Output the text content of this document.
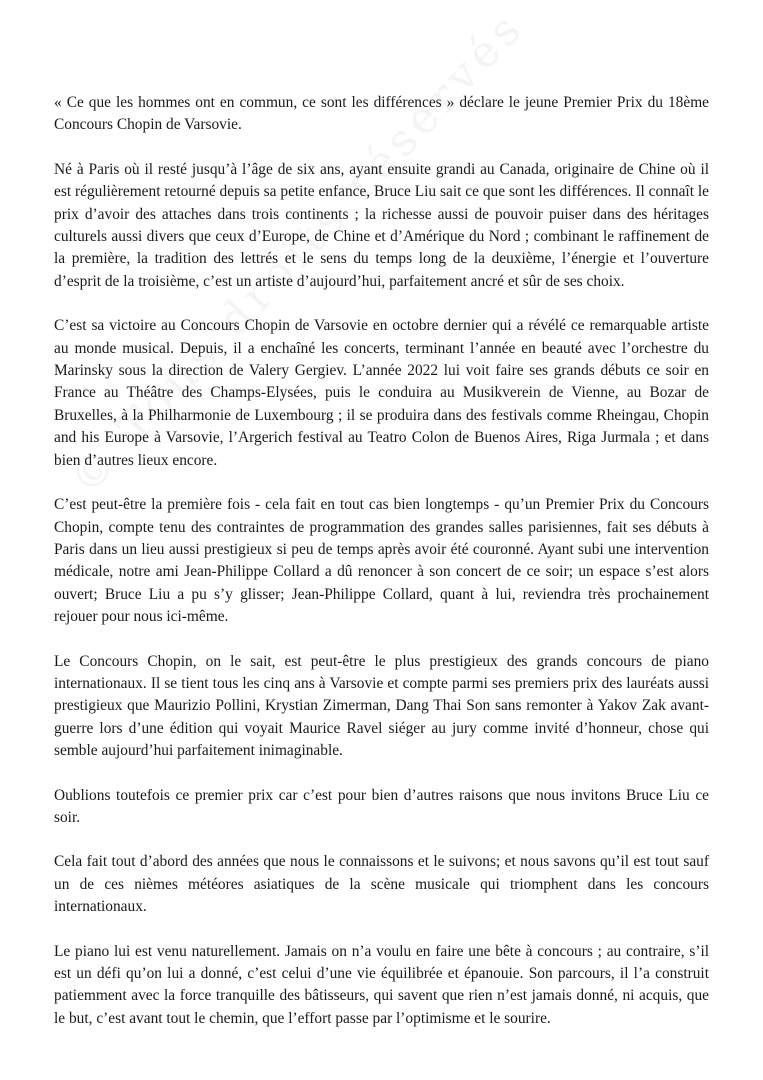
« Ce que les hommes ont en commun, ce sont les différences » déclare le jeune Premier Prix du 18ème Concours Chopin de Varsovie.

Né à Paris où il resté jusqu’à l’âge de six ans, ayant ensuite grandi au Canada, originaire de Chine où il est régulièrement retourné depuis sa petite enfance, Bruce Liu sait ce que sont les différences. Il connaît le prix d’avoir des attaches dans trois continents ; la richesse aussi de pouvoir puiser dans des héritages culturels aussi divers que ceux d’Europe, de Chine et d’Amérique du Nord ; combinant le raffinement de la première, la tradition des lettrés et le sens du temps long de la deuxième, l’énergie et l’ouverture d’esprit de la troisième, c’est un artiste d’aujourd’hui, parfaitement ancré et sûr de ses choix.

C’est sa victoire au Concours Chopin de Varsovie en octobre dernier qui a révélé ce remarquable artiste au monde musical. Depuis, il a enchaîné les concerts, terminant l’année en beauté avec l’orchestre du Marinsky sous la direction de Valery Gergiev. L’année 2022 lui voit faire ses grands débuts ce soir en France au Théâtre des Champs-Elysées, puis le conduira au Musikverein de Vienne, au Bozar de Bruxelles, à la Philharmonie de Luxembourg ; il se produira dans des festivals comme Rheingau, Chopin and his Europe à Varsovie, l’Argerich festival au Teatro Colon de Buenos Aires, Riga Jurmala ; et dans bien d’autres lieux encore.

C’est peut-être la première fois - cela fait en tout cas bien longtemps - qu’un Premier Prix du Concours Chopin, compte tenu des contraintes de programmation des grandes salles parisiennes, fait ses débuts à Paris dans un lieu aussi prestigieux si peu de temps après avoir été couronné. Ayant subi une intervention médicale, notre ami Jean-Philippe Collard a dû renoncer à son concert de ce soir; un espace s’est alors ouvert; Bruce Liu a pu s’y glisser; Jean-Philippe Collard, quant à lui, reviendra très prochainement rejouer pour nous ici-même.

Le Concours Chopin, on le sait, est peut-être le plus prestigieux des grands concours de piano internationaux. Il se tient tous les cinq ans à Varsovie et compte parmi ses premiers prix des lauréats aussi prestigieux que Maurizio Pollini, Krystian Zimerman, Dang Thai Son sans remonter à Yakov Zak avant-guerre lors d’une édition qui voyait Maurice Ravel siéger au jury comme invité d’honneur, chose qui semble aujourd’hui parfaitement inimaginable.

Oublions toutefois ce premier prix car c’est pour bien d’autres raisons que nous invitons Bruce Liu ce soir.

Cela fait tout d’abord des années que nous le connaissons et le suivons; et nous savons qu’il est tout sauf un de ces nièmes météores asiatiques de la scène musicale qui triomphent dans les concours internationaux.

Le piano lui est venu naturellement. Jamais on n’a voulu en faire une bête à concours ; au contraire, s’il est un défi qu’on lui a donné, c’est celui d’une vie équilibrée et épanouie. Son parcours, il l’a construit patiemment avec la force tranquille des bâtisseurs, qui savent que rien n’est jamais donné, ni acquis, que le but, c’est avant tout le chemin, que l’effort passe par l’optimisme et le sourire.
